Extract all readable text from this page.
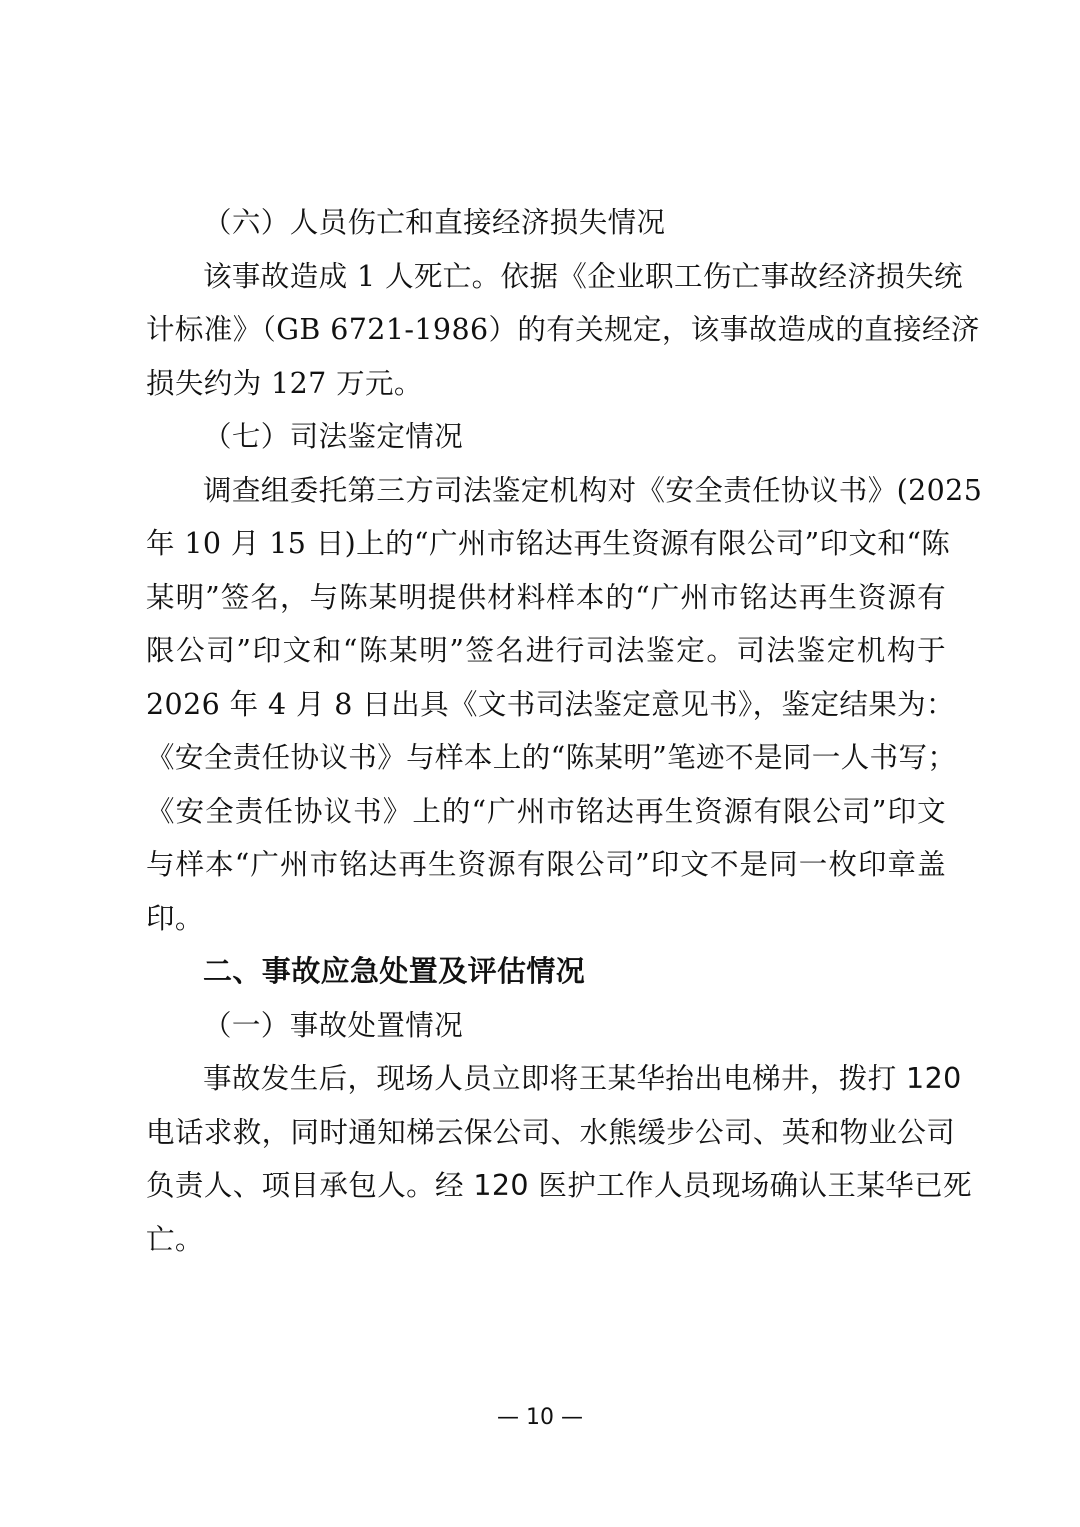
（六）人员伤亡和直接经济损失情况
该事故造成 1 人死亡。依据《企业职工伤亡事故经济损失统
计标准》（GB 6721-1986）的有关规定，该事故造成的直接经济
损失约为 127 万元。
（七）司法鉴定情况
调查组委托第三方司法鉴定机构对《安全责任协议书》(2025
年 10 月 15 日)上的“广州市铭达再生资源有限公司”印文和“陈
某明”签名，与陈某明提供材料样本的“广州市铭达再生资源有
限公司”印文和“陈某明”签名进行司法鉴定。司法鉴定机构于
2026 年 4 月 8 日出具《文书司法鉴定意见书》，鉴定结果为：
《安全责任协议书》与样本上的“陈某明”笔迹不是同一人书写；
《安全责任协议书》上的“广州市铭达再生资源有限公司”印文
与样本“广州市铭达再生资源有限公司”印文不是同一枚印章盖
印。
二、事故应急处置及评估情况
（一）事故处置情况
事故发生后，现场人员立即将王某华抬出电梯井，拨打 120
电话求救，同时通知梯云保公司、水熊缓步公司、英和物业公司
负责人、项目承包人。经 120 医护工作人员现场确认王某华已死
亡。
— 10 —
